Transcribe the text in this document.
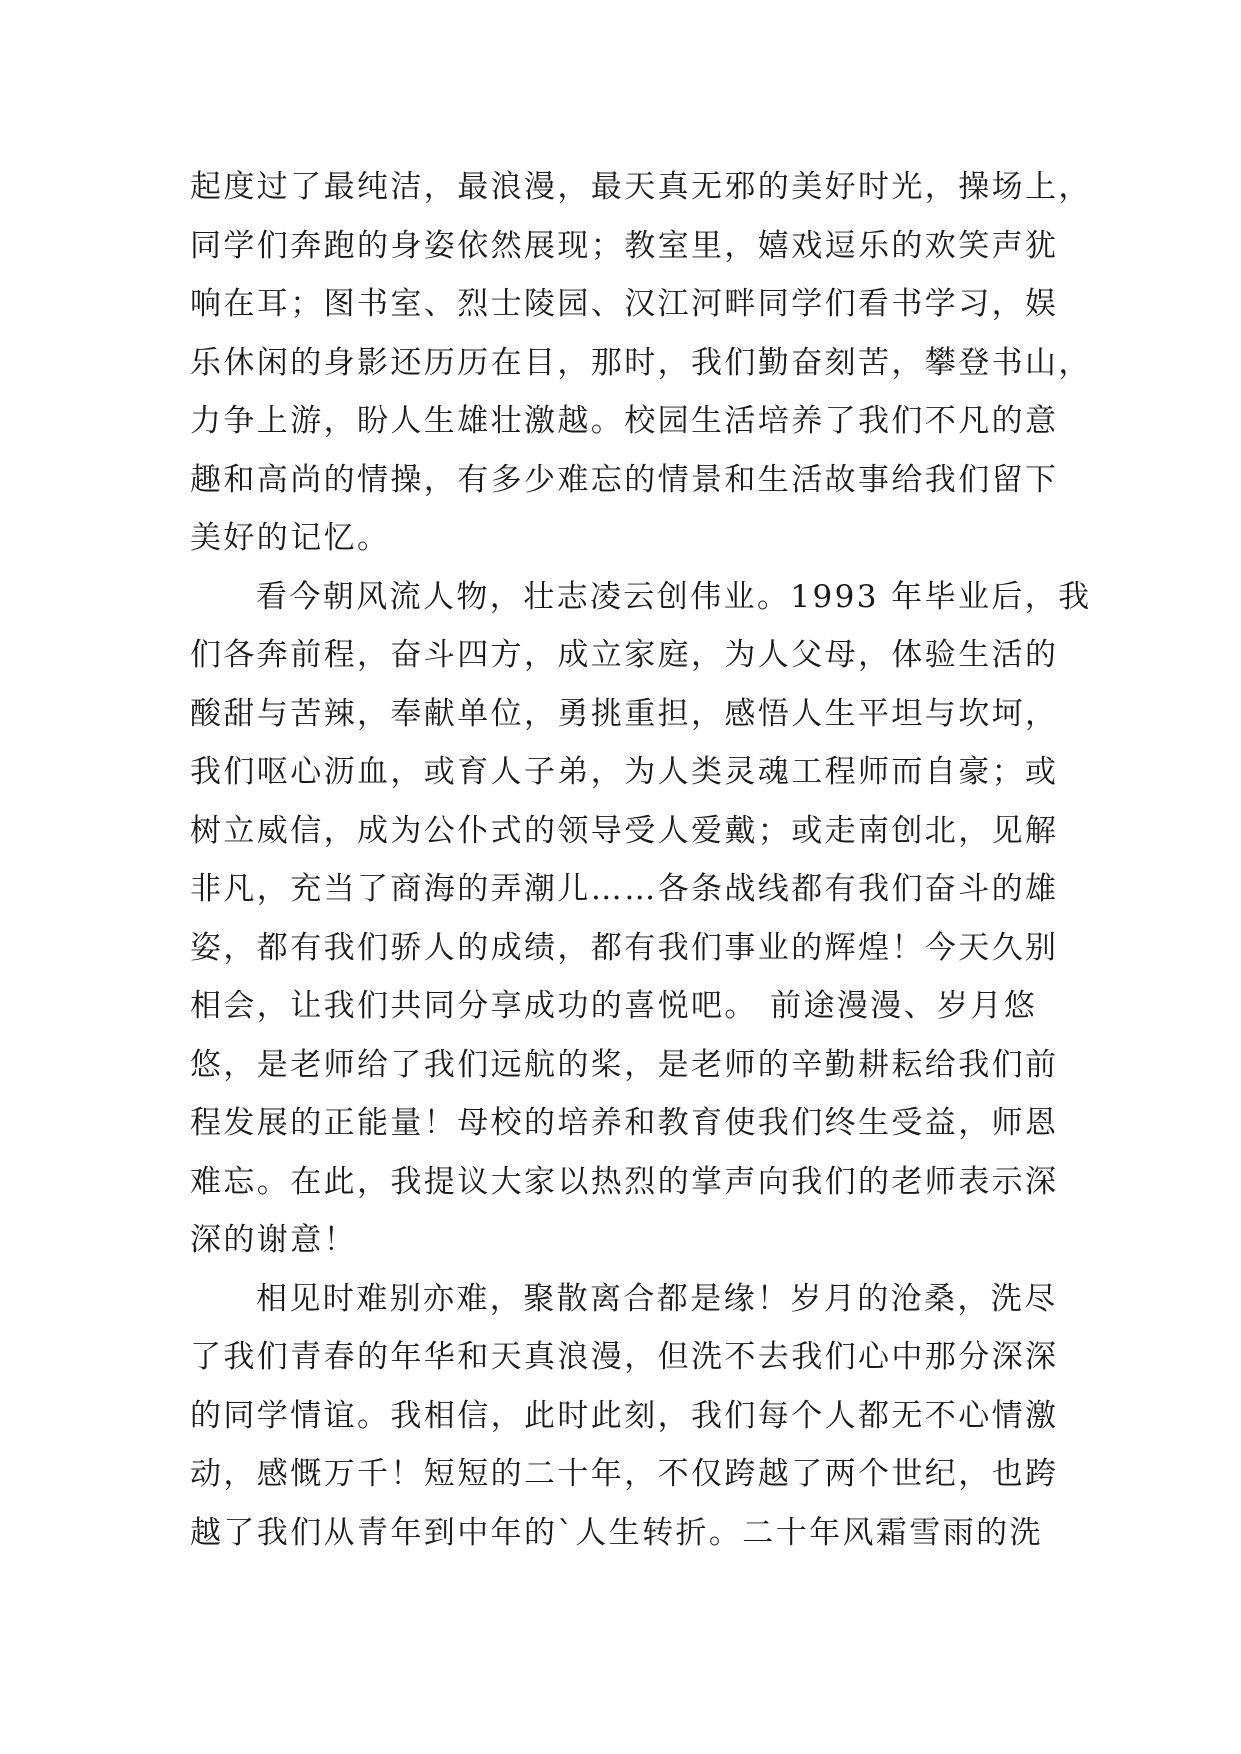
起度过了最纯洁，最浪漫，最天真无邪的美好时光，操场上，
同学们奔跑的身姿依然展现；教室里，嬉戏逗乐的欢笑声犹
响在耳；图书室、烈士陵园、汉江河畔同学们看书学习，娱
乐休闲的身影还历历在目，那时，我们勤奋刻苦，攀登书山，
力争上游，盼人生雄壮激越。校园生活培养了我们不凡的意
趣和高尚的情操，有多少难忘的情景和生活故事给我们留下
美好的记忆。
看今朝风流人物，壮志凌云创伟业。1993 年毕业后，我
们各奔前程，奋斗四方，成立家庭，为人父母，体验生活的
酸甜与苦辣，奉献单位，勇挑重担，感悟人生平坦与坎坷，
我们呕心沥血，或育人子弟，为人类灵魂工程师而自豪；或
树立威信，成为公仆式的领导受人爱戴；或走南创北，见解
非凡，充当了商海的弄潮儿……各条战线都有我们奋斗的雄
姿，都有我们骄人的成绩，都有我们事业的辉煌！今天久别
相会，让我们共同分享成功的喜悦吧。 前途漫漫、岁月悠
悠，是老师给了我们远航的桨，是老师的辛勤耕耘给我们前
程发展的正能量！母校的培养和教育使我们终生受益，师恩
难忘。在此，我提议大家以热烈的掌声向我们的老师表示深
深的谢意！
相见时难别亦难，聚散离合都是缘！岁月的沧桑，洗尽
了我们青春的年华和天真浪漫，但洗不去我们心中那分深深
的同学情谊。我相信，此时此刻，我们每个人都无不心情激
动，感慨万千！短短的二十年，不仅跨越了两个世纪，也跨
越了我们从青年到中年的`人生转折。二十年风霜雪雨的洗
